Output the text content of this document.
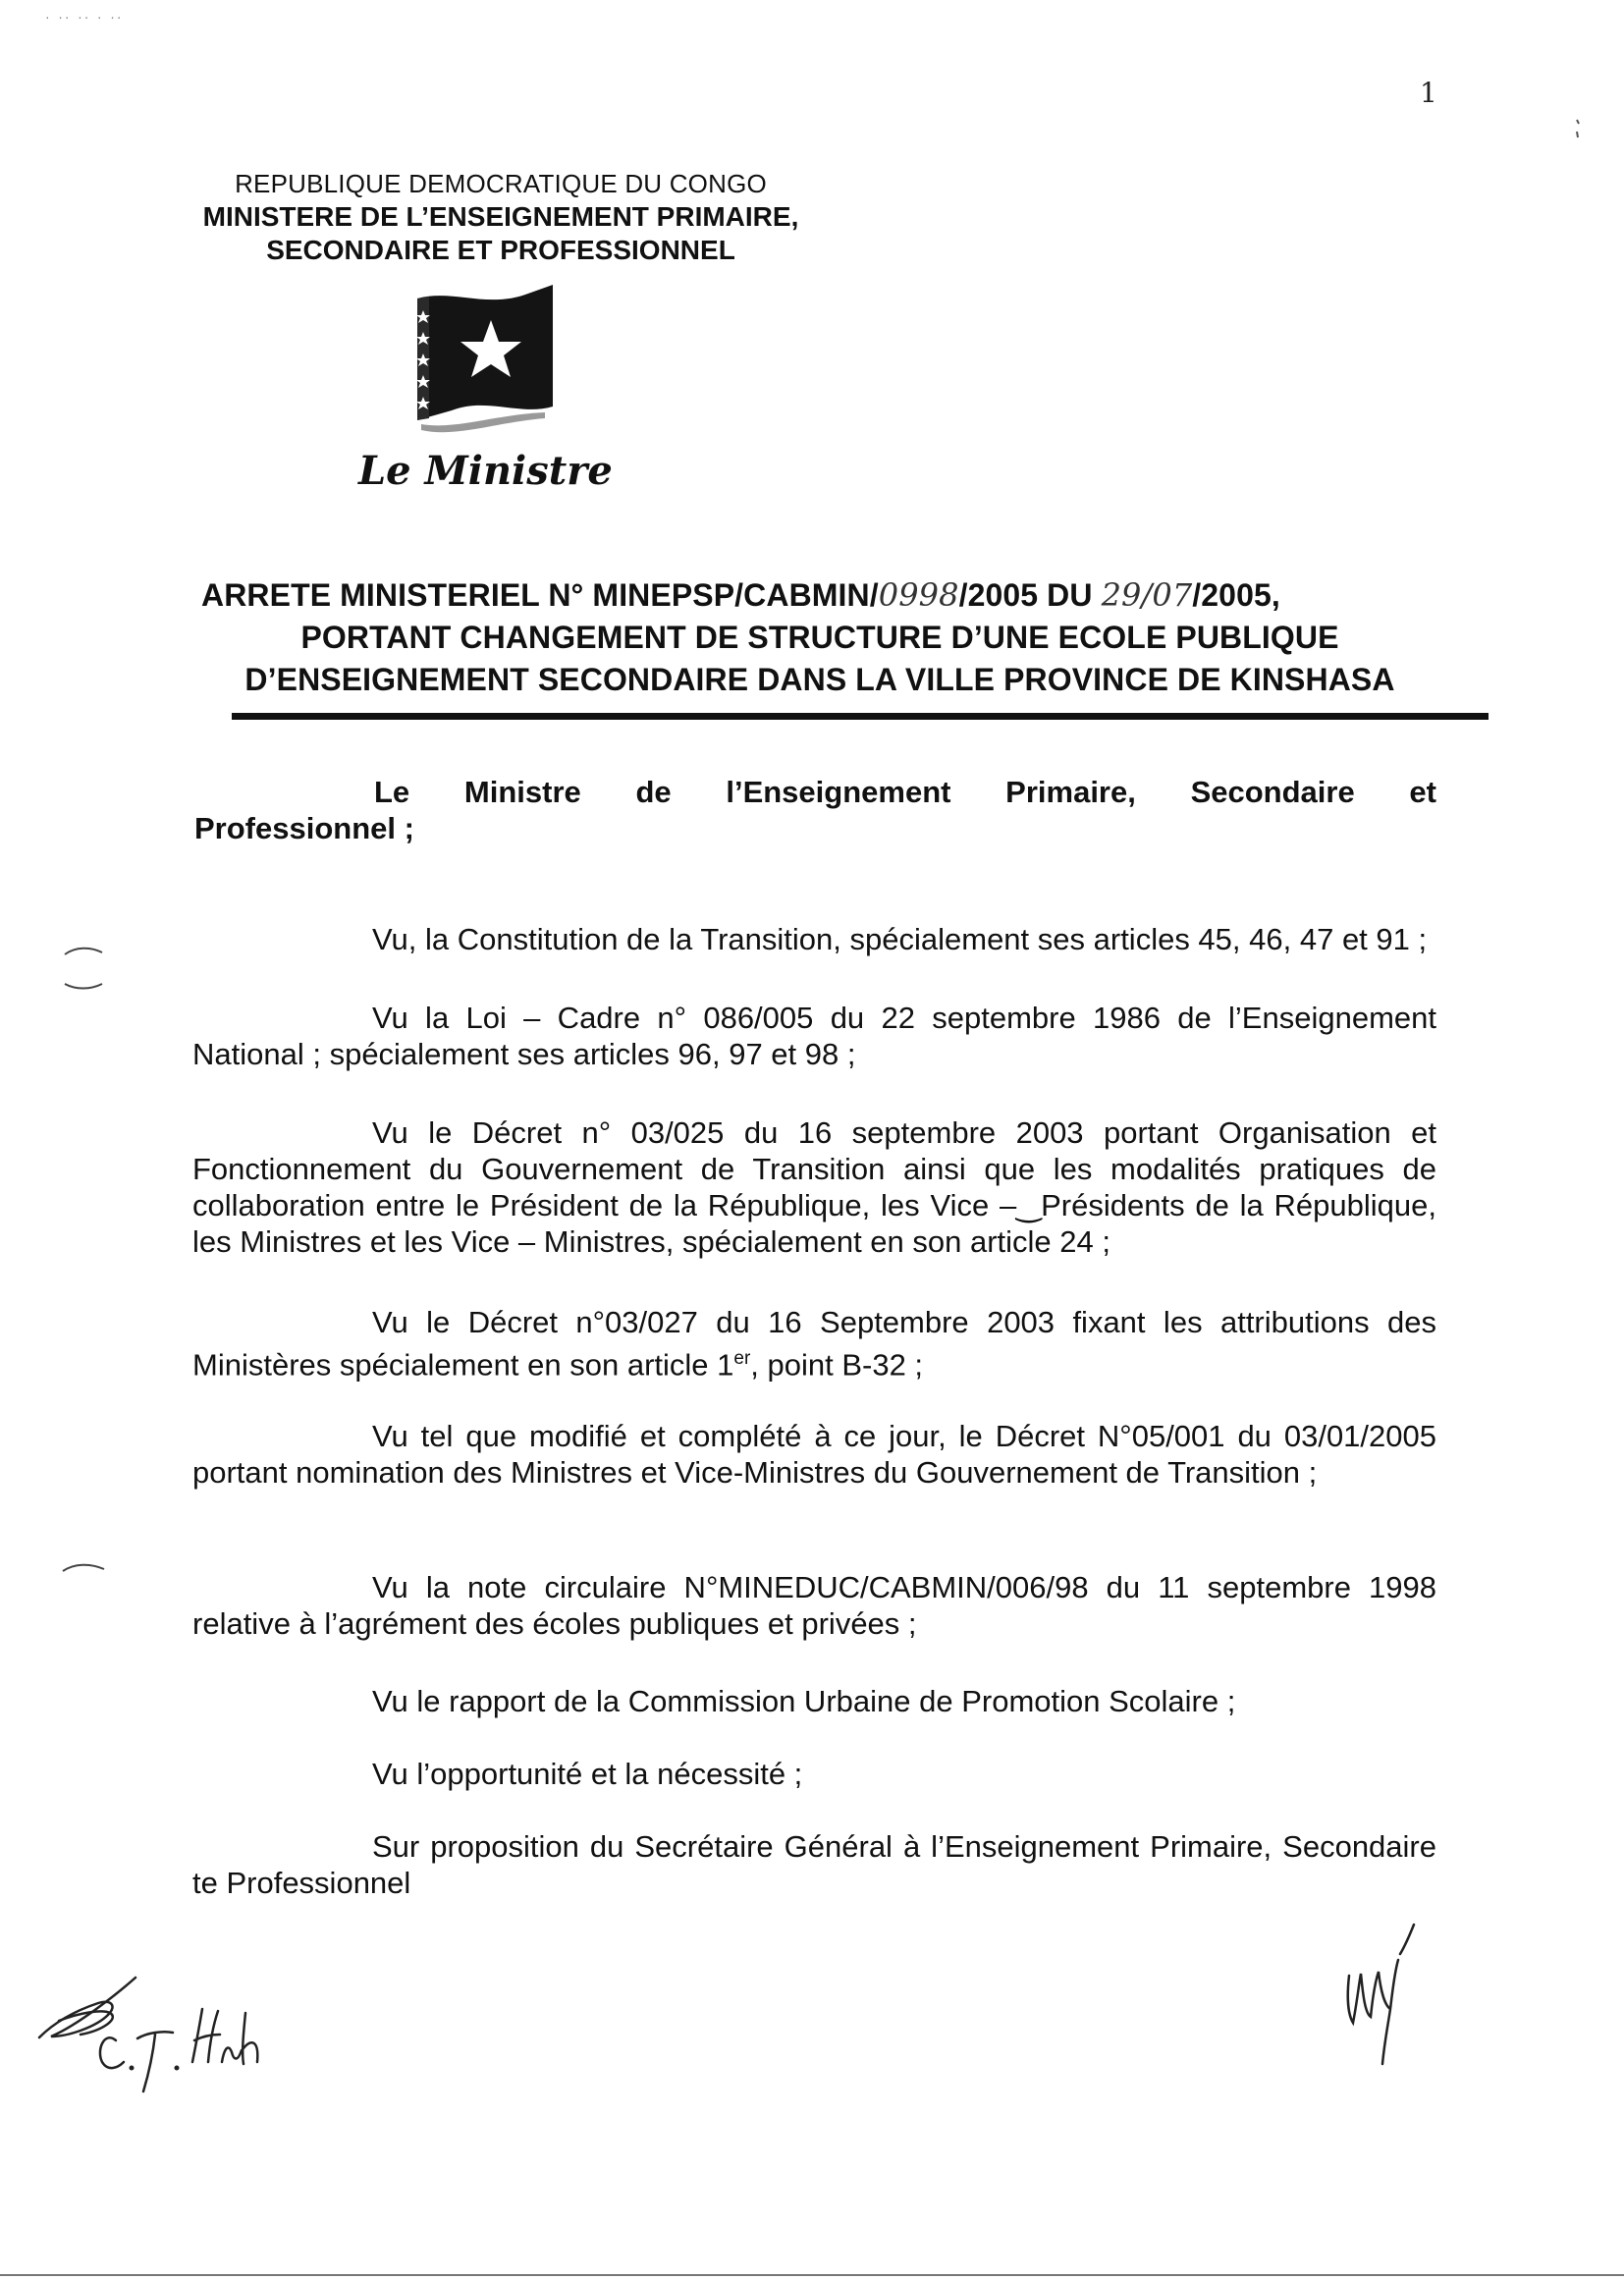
· ·· ·· · ··
1
REPUBLIQUE DEMOCRATIQUE DU CONGO
MINISTERE DE L’ENSEIGNEMENT PRIMAIRE,
SECONDAIRE ET PROFESSIONNEL
Le Ministre
ARRETE MINISTERIEL N° MINEPSP/CABMIN/0998/2005 DU 29/07/2005,
PORTANT CHANGEMENT DE STRUCTURE D’UNE ECOLE PUBLIQUE
D’ENSEIGNEMENT SECONDAIRE DANS LA VILLE PROVINCE DE KINSHASA
Le Ministre de l’Enseignement Primaire, Secondaire et
Professionnel ;

Vu, la Constitution de la Transition, spécialement ses articles 45, 46, 47 et 91 ;

Vu la Loi – Cadre n° 086/005 du 22 septembre 1986 de l’Enseignement National ; spécialement ses articles 96, 97 et 98 ;

Vu le Décret n° 03/025 du 16 septembre 2003 portant Organisation et Fonctionnement du Gouvernement de Transition ainsi que les modalités pratiques de collaboration entre le Président de la République, les Vice –‿Présidents de la République, les Ministres et les Vice – Ministres, spécialement en son article 24 ;

Vu le Décret n°03/027 du 16 Septembre 2003 fixant les attributions des Ministères spécialement en son article 1er, point B-32 ;

Vu tel que modifié et complété à ce jour, le Décret N°05/001 du 03/01/2005 portant nomination des Ministres et Vice-Ministres du Gouvernement de Transition ;

Vu la note circulaire N°MINEDUC/CABMIN/006/98 du 11 septembre 1998 relative à l’agrément des écoles publiques et privées ;

Vu le rapport de la Commission Urbaine de Promotion Scolaire ;

Vu l’opportunité et la nécessité ;

Sur proposition du Secrétaire Général à l’Enseignement Primaire, Secondaire te Professionnel
